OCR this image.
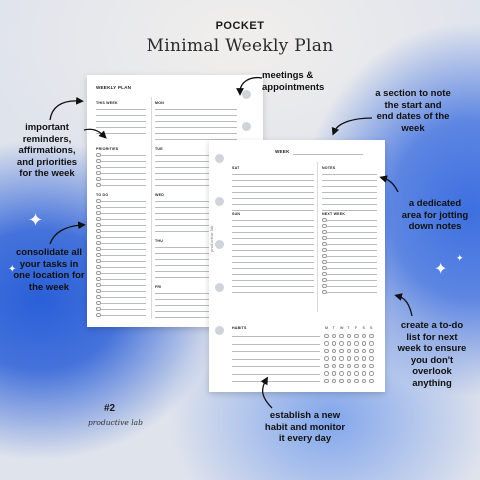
POCKET
Minimal Weekly Plan
WEEKLY PLAN
THIS WEEK
PRIORITIES
TO DO
MON
TUE
WED
THU
FRI
WEEK
productive lab
SAT
SUN
NOTES
NEXT WEEK
HABITS	M T W T F S S
meetings &
appointments
a section to note
the start and
end dates of the
week
important
reminders,
affirmations,
and priorities
for the week
a dedicated
area for jotting
down notes
consolidate all
your tasks in
one location for
the week
create a to-do
list for next
week to ensure
you don't
overlook
anything
establish a new
habit and monitor
it every day
#2
productive lab
✦
✦	✦
✦
